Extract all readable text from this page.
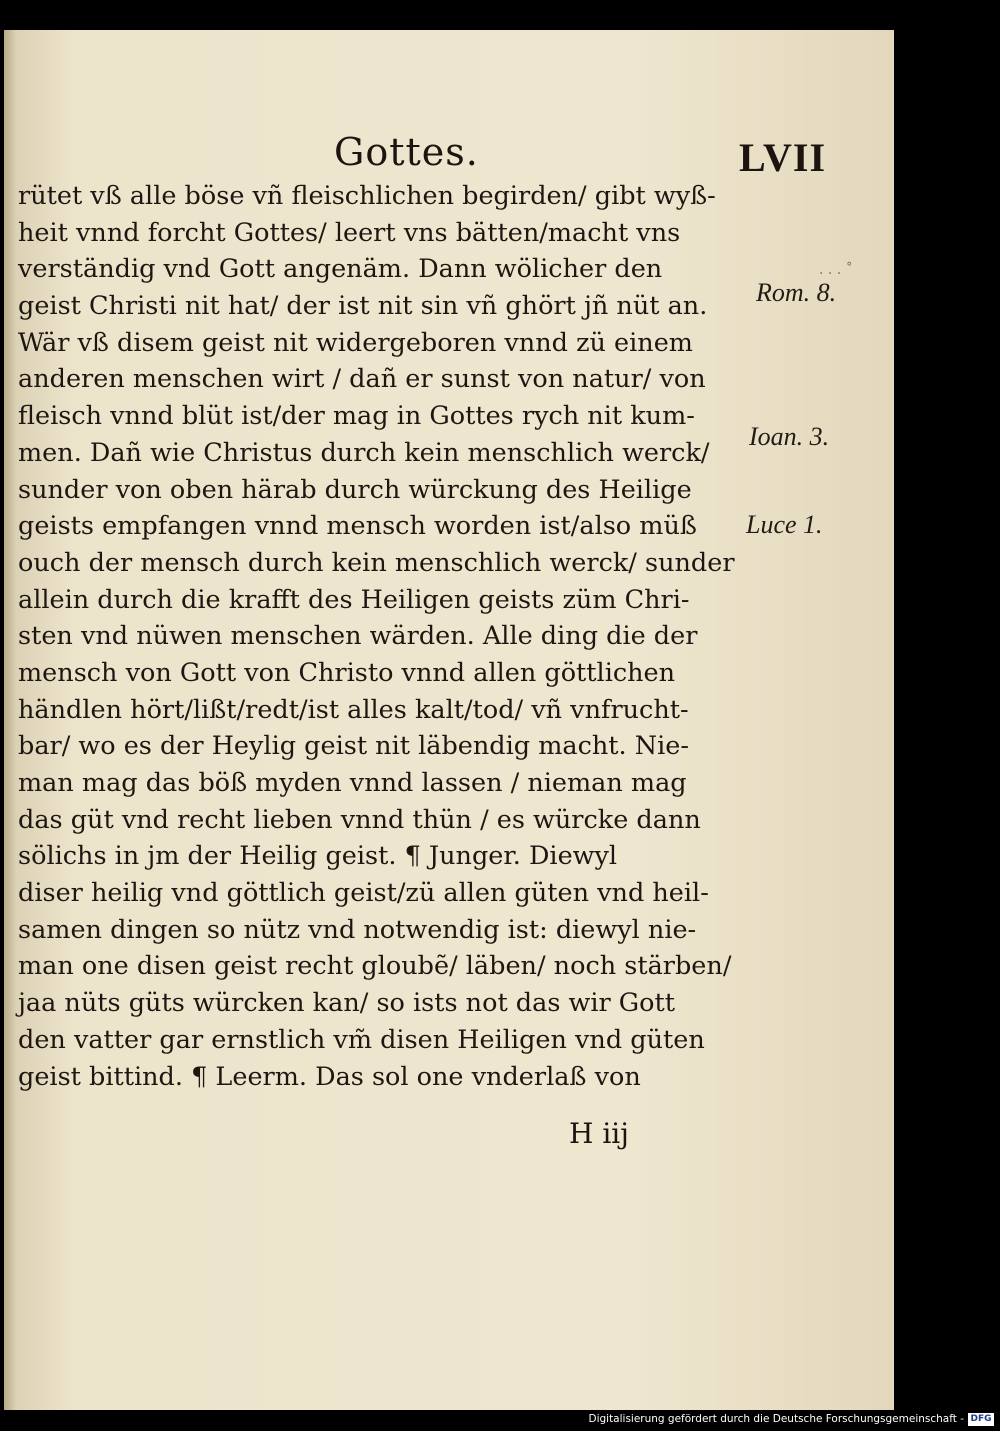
Gottes.	LVII
. . . ˚
rütet vß alle böse vñ fleischlichen begirden/ gibt wyß-
heit vnnd forcht Gottes/ leert vns bätten/macht vns
verständig vnd Gott angenäm. Dann wölicher den
geist Christi nit hat/ der ist nit sin vñ ghört jñ nüt an.
Wär vß disem geist nit widergeboren vnnd zü einem
anderen menschen wirt / dañ er sunst von natur/ von
fleisch vnnd blüt ist/der mag in Gottes rych nit kum-
men. Dañ wie Christus durch kein menschlich werck/
sunder von oben härab durch würckung des Heilige
geists empfangen vnnd mensch worden ist/also müß
ouch der mensch durch kein menschlich werck/ sunder
allein durch die krafft des Heiligen geists züm Chri-
sten vnd nüwen menschen wärden. Alle ding die der
mensch von Gott von Christo vnnd allen göttlichen
händlen hört/lißt/redt/ist alles kalt/tod/ vñ vnfrucht-
bar/ wo es der Heylig geist nit läbendig macht. Nie-
man mag das böß myden vnnd lassen / nieman mag
das güt vnd recht lieben vnnd thün / es würcke dann
sölichs in jm der Heilig geist. ¶ Junger. Diewyl
diser heilig vnd göttlich geist/zü allen güten vnd heil-
samen dingen so nütz vnd notwendig ist: diewyl nie-
man one disen geist recht gloubẽ/ läben/ noch stärben/
jaa nüts güts würcken kan/ so ists not das wir Gott
den vatter gar ernstlich vm̃ disen Heiligen vnd güten
geist bittind. ¶ Leerm. Das sol one vnderlaß von
Rom. 8.
Ioan. 3.
Luce 1.
H iij
Digitalisierung gefördert durch die Deutsche Forschungsgemeinschaft - DFG
